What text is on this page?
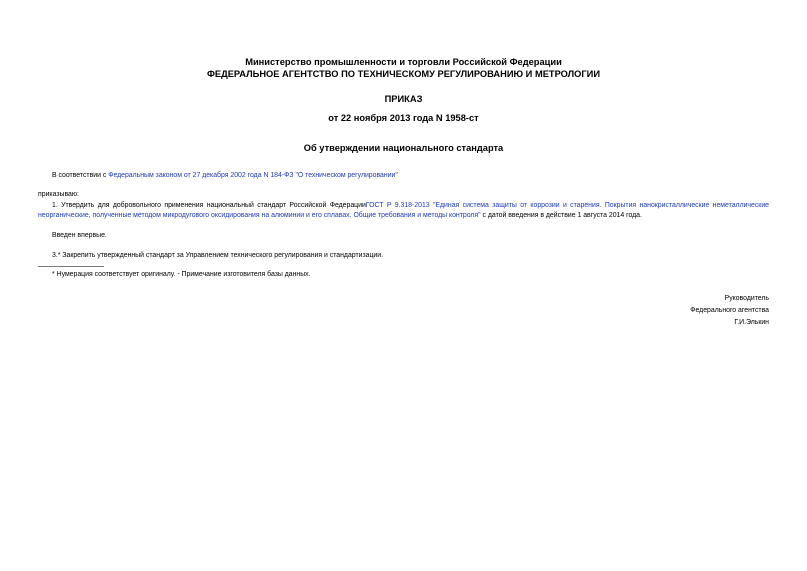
Министерство промышленности и торговли Российской Федерации
ФЕДЕРАЛЬНОЕ АГЕНТСТВО ПО ТЕХНИЧЕСКОМУ РЕГУЛИРОВАНИЮ И МЕТРОЛОГИИ
ПРИКАЗ
от 22 ноября 2013 года N 1958-ст
Об утверждении национального стандарта
В соответствии с Федеральным законом от 27 декабря 2002 года N 184-ФЗ "О техническом регулировании"
приказываю:
1. Утвердить для добровольного применения национальный стандарт Российской ФедерацииГОСТ Р 9.318-2013 "Единая система защиты от коррозии и старения. Покрытия нанокристаллические неметаллические неорганические, полученные методом микродугового оксидирования на алюминии и его сплавах. Общие требования и методы контроля" с датой введения в действие 1 августа 2014 года.
Введен впервые.
3.* Закрепить утвержденный стандарт за Управлением технического регулирования и стандартизации.
* Нумерация соответствует оригиналу. - Примечание изготовителя базы данных.
Руководитель
Федерального агентства
Г.И.Элькин
